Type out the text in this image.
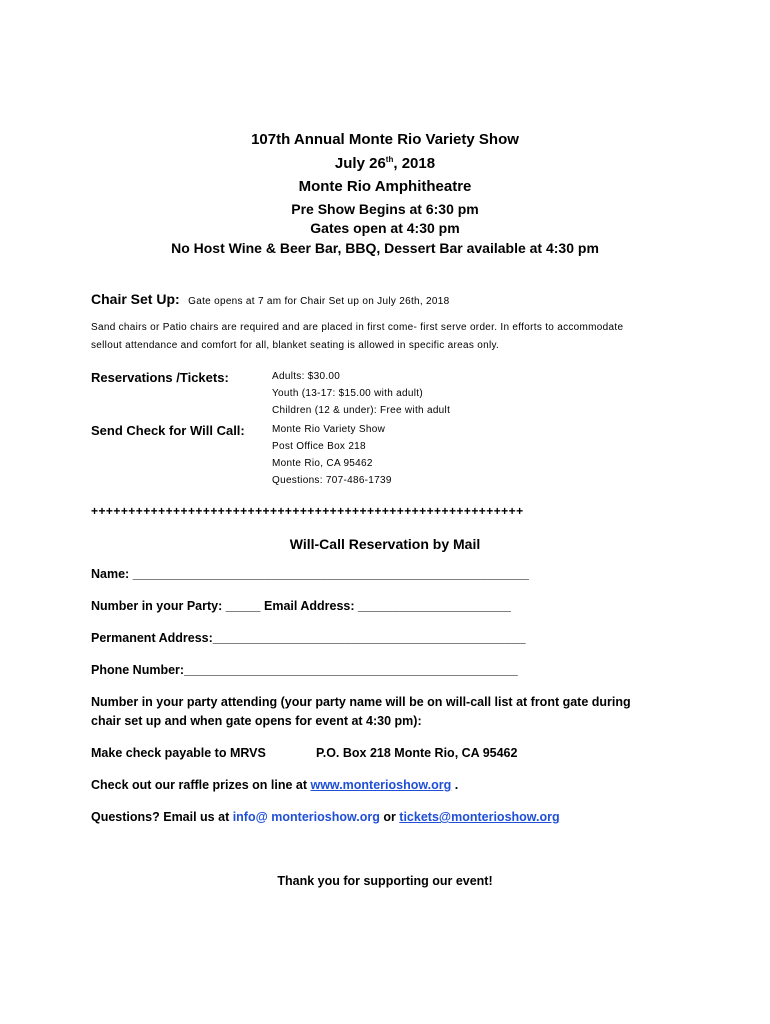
107th Annual Monte Rio Variety Show
July 26th, 2018
Monte Rio Amphitheatre
Pre Show Begins at 6:30 pm
Gates open at 4:30 pm
No Host Wine & Beer Bar, BBQ, Dessert Bar available at 4:30 pm
Chair Set Up: Gate opens at 7 am for Chair Set up on July 26th, 2018
Sand chairs or Patio chairs are required and are placed in first come- first serve order. In efforts to accommodate
sellout attendance and comfort for all, blanket seating is allowed in specific areas only.
Reservations /Tickets:	Adults: $30.00
Youth (13-17: $15.00 with adult)
Children (12 & under): Free with adult
Send Check for Will Call:	Monte Rio Variety Show
Post Office Box 218
Monte Rio, CA 95462
Questions: 707-486-1739
++++++++++++++++++++++++++++++++++++++++++++++++++++++++++
Will-Call Reservation by Mail
Name: _________________________________________________________
Number in your Party: _____ Email Address: ______________________
Permanent Address:_____________________________________________
Phone Number:________________________________________________
Number in your party attending (your party name will be on will-call list at front gate during
chair set up and when gate opens for event at 4:30 pm):
Make check payable to MRVS	P.O. Box 218 Monte Rio, CA 95462
Check out our raffle prizes on line at www.monterioshow.org .
Questions? Email us at info@ monterioshow.org or tickets@monterioshow.org
Thank you for supporting our event!
